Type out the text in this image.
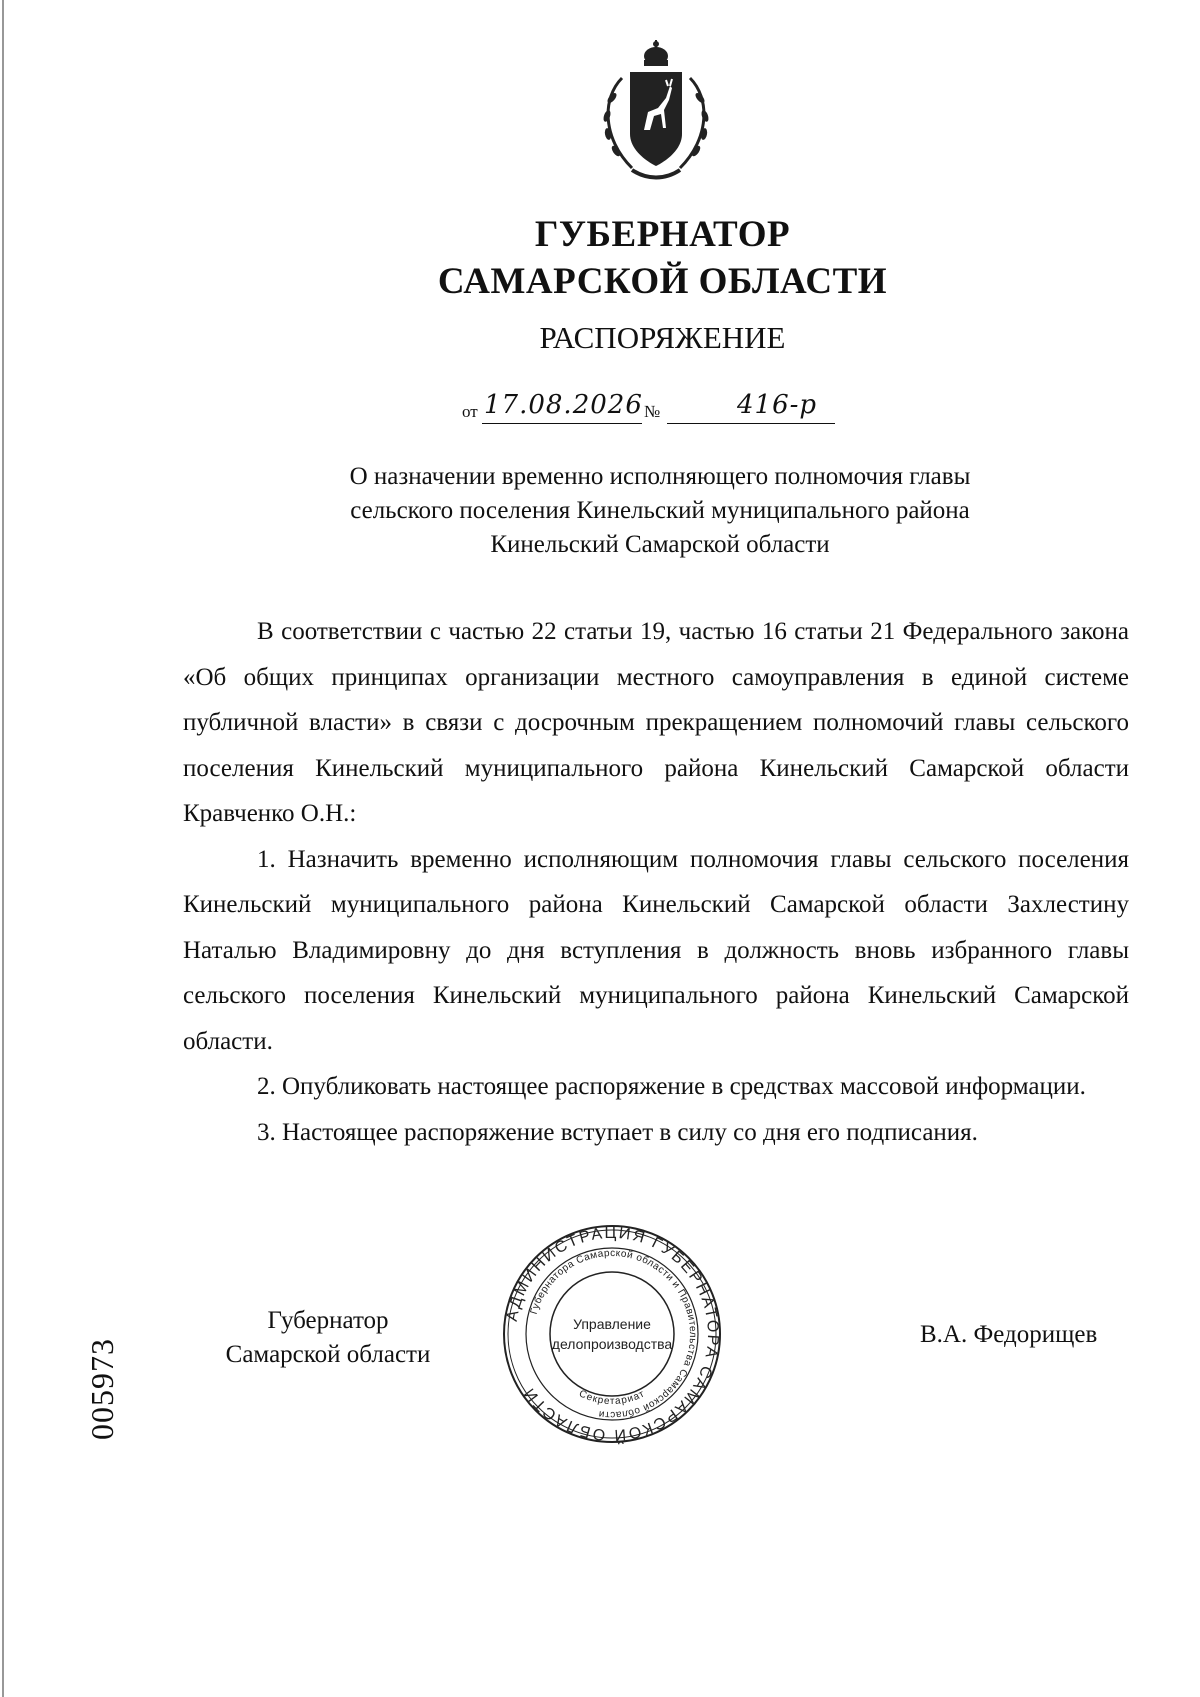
ГУБЕРНАТОР
САМАРСКОЙ ОБЛАСТИ
РАСПОРЯЖЕНИЕ
от 17.08.2026 №	416-р
О назначении временно исполняющего полномочия главы
сельского поселения Кинельский муниципального района
Кинельский Самарской области

В соответствии с частью 22 статьи 19, частью 16 статьи 21 Федерального закона «Об общих принципах организации местного самоуправления в единой системе публичной власти» в связи с досрочным прекращением полномочий главы сельского поселения Кинельский муниципального района Кинельский Самарской области Кравченко О.Н.:

1. Назначить временно исполняющим полномочия главы сельского поселения Кинельский муниципального района Кинельский Самарской области Захлестину Наталью Владимировну до дня вступления в должность вновь избранного главы сельского поселения Кинельский муниципального района Кинельский Самарской области.

2. Опубликовать настоящее распоряжение в средствах массовой информации.

3. Настоящее распоряжение вступает в силу со дня его подписания.

Губернатор
Самарской области
АДМИНИСТРАЦИЯ ГУБЕРНАТОРА САМАРСКОЙ ОБЛАСТИ
Губернатора Самарской области и Правительства Самарской области
Секретариат
Управление
делопроизводства	В.А. Федорищев
005973
